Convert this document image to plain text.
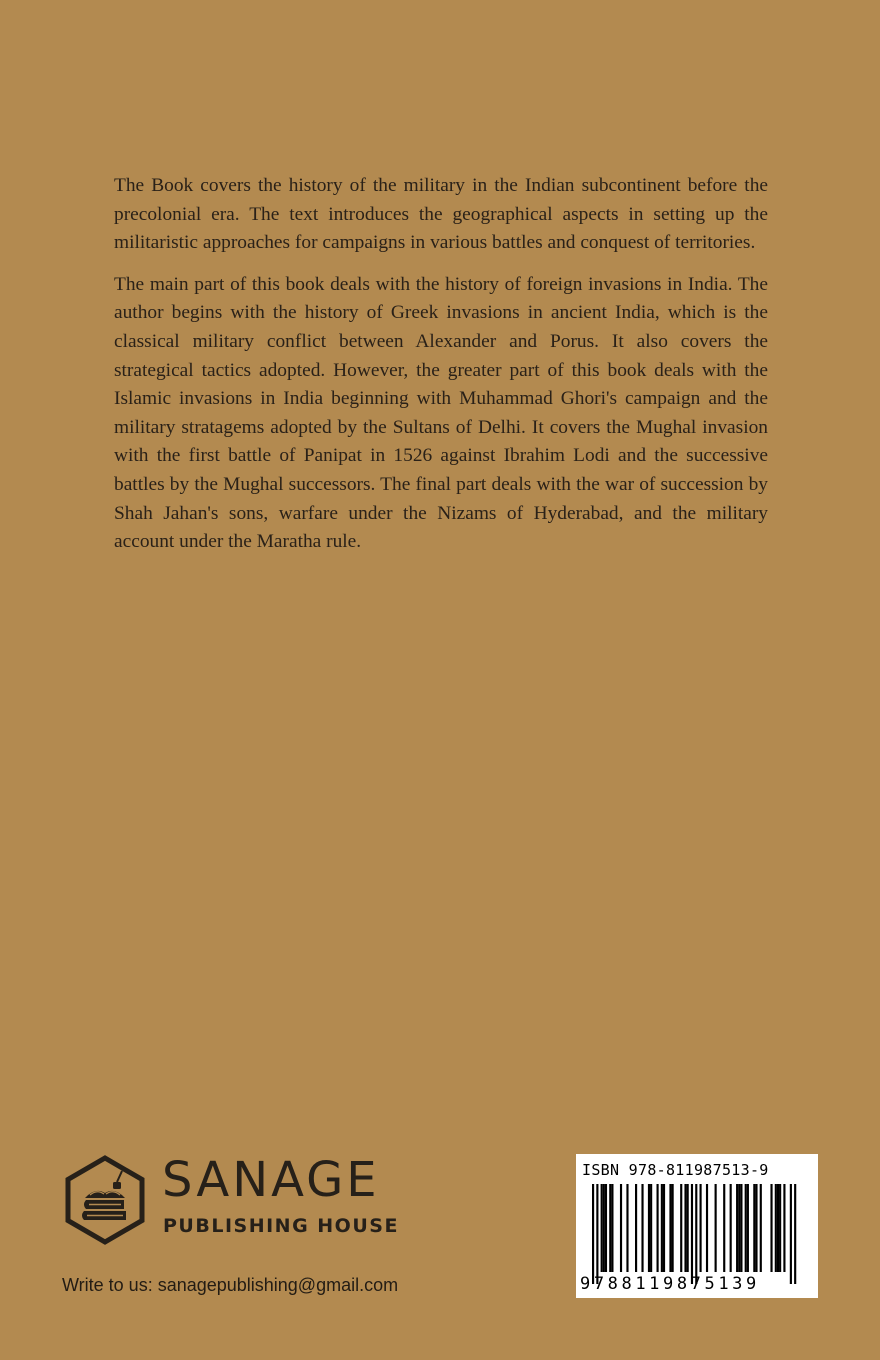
The Book covers the history of the military in the Indian subcontinent before the precolonial era. The text introduces the geographical aspects in setting up the militaristic approaches for campaigns in various battles and conquest of territories.

The main part of this book deals with the history of foreign invasions in India. The author begins with the history of Greek invasions in ancient India, which is the classical military conflict between Alexander and Porus. It also covers the strategical tactics adopted. However, the greater part of this book deals with the Islamic invasions in India beginning with Muhammad Ghori's campaign and the military stratagems adopted by the Sultans of Delhi. It covers the Mughal invasion with the first battle of Panipat in 1526 against Ibrahim Lodi and the successive battles by the Mughal successors. The final part deals with the war of succession by Shah Jahan's sons, warfare under the Nizams of Hyderabad, and the military account under the Maratha rule.

SANAGE
PUBLISHING HOUSE
Write to us: sanagepublishing@gmail.com
ISBN 978-811987513-9
9788119875139
